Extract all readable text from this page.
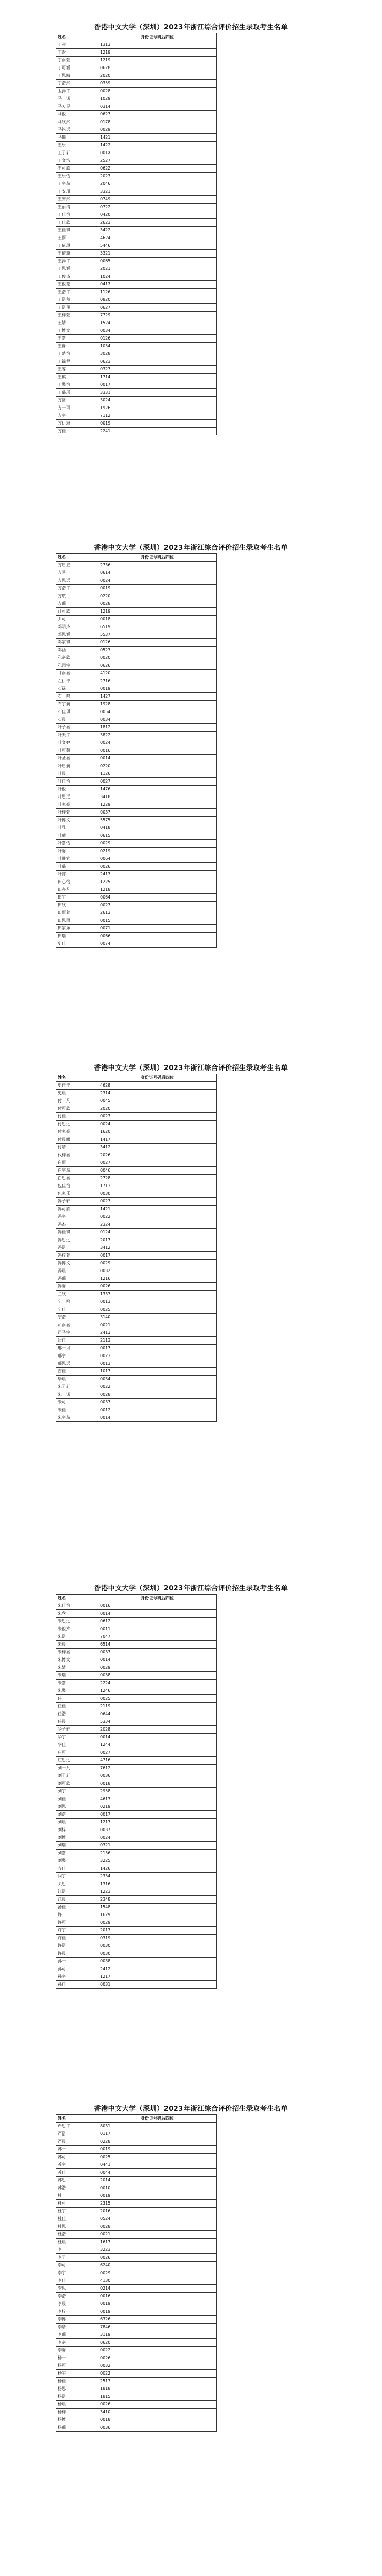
香港中文大学（深圳）2023年浙江综合评价招生录取考生名单
姓名	身份证号码后四位
丁昶	1313
丁澍	1219
丁雨萱	1219
丁可涵	0628
丁思晴	2020
丁浩然	0359
卫泽宇	0028
马一诺	1029
马天昊	0314
马俊	0627
马欣然	0178
马铭远	0029
马瑞	1421
王乐	1422
王子轩	001X
王文浩	2527
王可欣	0622
王乐怡	2023
王宇航	2046
王安琪	3321
王安然	0749
王丽清	0722
王佳怡	0420
王佳欣	2623
王佳琪	3422
王雨	4624
王依琳	5446
王依璇	3321
王泽宇	0065
王思涵	2021
王俊杰	1024
王俊豪	0413
王浩宇	1126
王浩然	0820
王浩翔	0627
王梓萱	7729
王婧	1524
王博文	0034
王嘉	0126
王静	1034
王楚怡	3028
王锦程	0623
王睿	0327
王麒	1714
王馨怡	0017
王璐瑶	3331
方圆	3024
方一可	1926
方宇	7112
方伊琳	0019
方佳	2241
香港中文大学（深圳）2023年浙江综合评价招生录取考生名单
姓名	身份证号码后四位
方启昱	2736
方易	0614
方思远	0024
方浩宇	0019
方航	0220
方瑞	0028
计可欣	1219
尹可	0018
邓明杰	6519
邓思涵	5537
邓家琪	0126
邓涵	0523
孔嘉欣	0020
孔翔宇	0626
甘雨涵	4120
左伊宁	2716
石磊	0019
石一鸣	1427
石宇航	1928
石佳琪	0054
石晨	0034
叶子涵	1812
叶天宇	3822
叶文婷	0024
叶可馨	0016
叶圣涵	0014
叶启航	0220
叶晨	1126
叶佳怡	0027
叶俊	1476
叶思远	3418
叶家豪	1229
叶梓萱	0037
叶博文	5575
叶雅	0418
叶瑜	0615
叶嘉怡	0029
叶馨	0219
叶静宜	0064
叶璐	0026
叶懿	2413
田心怡	1225
田亦凡	1218
田宇	0064
田欣	0027
田雨萱	2613
田思雨	0015
田家乐	0071
田瑞	0066
史佳	0074
香港中文大学（深圳）2023年浙江综合评价招生录取考生名单
姓名	身份证号码后四位
史佳宁	4628
史晨	2314
付一凡	0045
付可欣	2020
付佳	0023
付思远	0024
付家豪	1620
付晨曦	1417
付婧	3412
代梓涵	2026
白雨	0027
白宇航	0046
白思涵	2728
包佳怡	1713
包家乐	0030
冯子轩	0027
冯可欣	1421
冯宇	0022
冯杰	2324
冯佳琪	0124
冯思远	2017
冯浩	3412
冯梓萱	0017
冯博文	0029
冯晨	0032
冯瑞	1216
冯馨	0026
兰欣	1337
宁一鸣	0013
宁佳	0025
宁浩	3140
司雨涵	0021
司马宇	2413
边佳	2113
邢一可	0017
邢宇	0023
邢思远	0013
吉佳	1017
毕晨	0034
朱子轩	0022
朱一诺	0028
朱可	0037
朱佳	0012
朱宇航	0014
香港中文大学（深圳）2023年浙江综合评价招生录取考生名单
姓名	身份证号码后四位
朱佳怡	0016
朱欣	0014
朱思远	0612
朱俊杰	0011
朱浩	7047
朱晨	6514
朱梓涵	0037
朱博文	0014
朱婧	0029
朱瑞	0038
朱嘉	2224
朱馨	1246
任一	0025
任佳	2119
任浩	0644
任晨	5334
华子轩	2028
华宇	0014
华佳	1244
庄可	0027
庄思远	4716
刘一凡	7612
刘子轩	0036
刘可欣	0018
刘宇	2958
刘佳	4613
刘思	0219
刘浩	0017
刘晨	1217
刘梓	0037
刘博	0024
刘瑞	0321
刘嘉	2136
刘馨	3225
齐佳	1426
闫宇	2334
关思	1316
江浩	1223
江晨	2348
汤佳	1548
许一	1629
许可	0029
许宇	2013
许佳	0319
许浩	0030
许晨	0030
孙一	0038
孙可	2412
孙宇	1217
孙佳	0031
香港中文大学（深圳）2023年浙江综合评价招生录取考生名单
姓名	身份证号码后四位
严思宇	8031
严浩	0117
严晨	0228
苏一	0019
苏可	0025
苏宇	0441
苏佳	0044
苏思	2014
苏浩	0010
杜一	0019
杜可	2315
杜宇	2016
杜佳	0524
杜思	0028
杜浩	0021
杜晨	1617
李一	3223
李子	0026
李可	6240
李宇	0029
李佳	4130
李思	0214
李浩	0016
李晨	0019
李梓	0019
李博	6326
李婧	7846
李瑞	3119
李嘉	0620
李馨	0022
杨一	0026
杨可	0032
杨宇	0022
杨佳	2517
杨思	1818
杨浩	1815
杨晨	0026
杨梓	3410
杨博	0018
杨瑞	0036
